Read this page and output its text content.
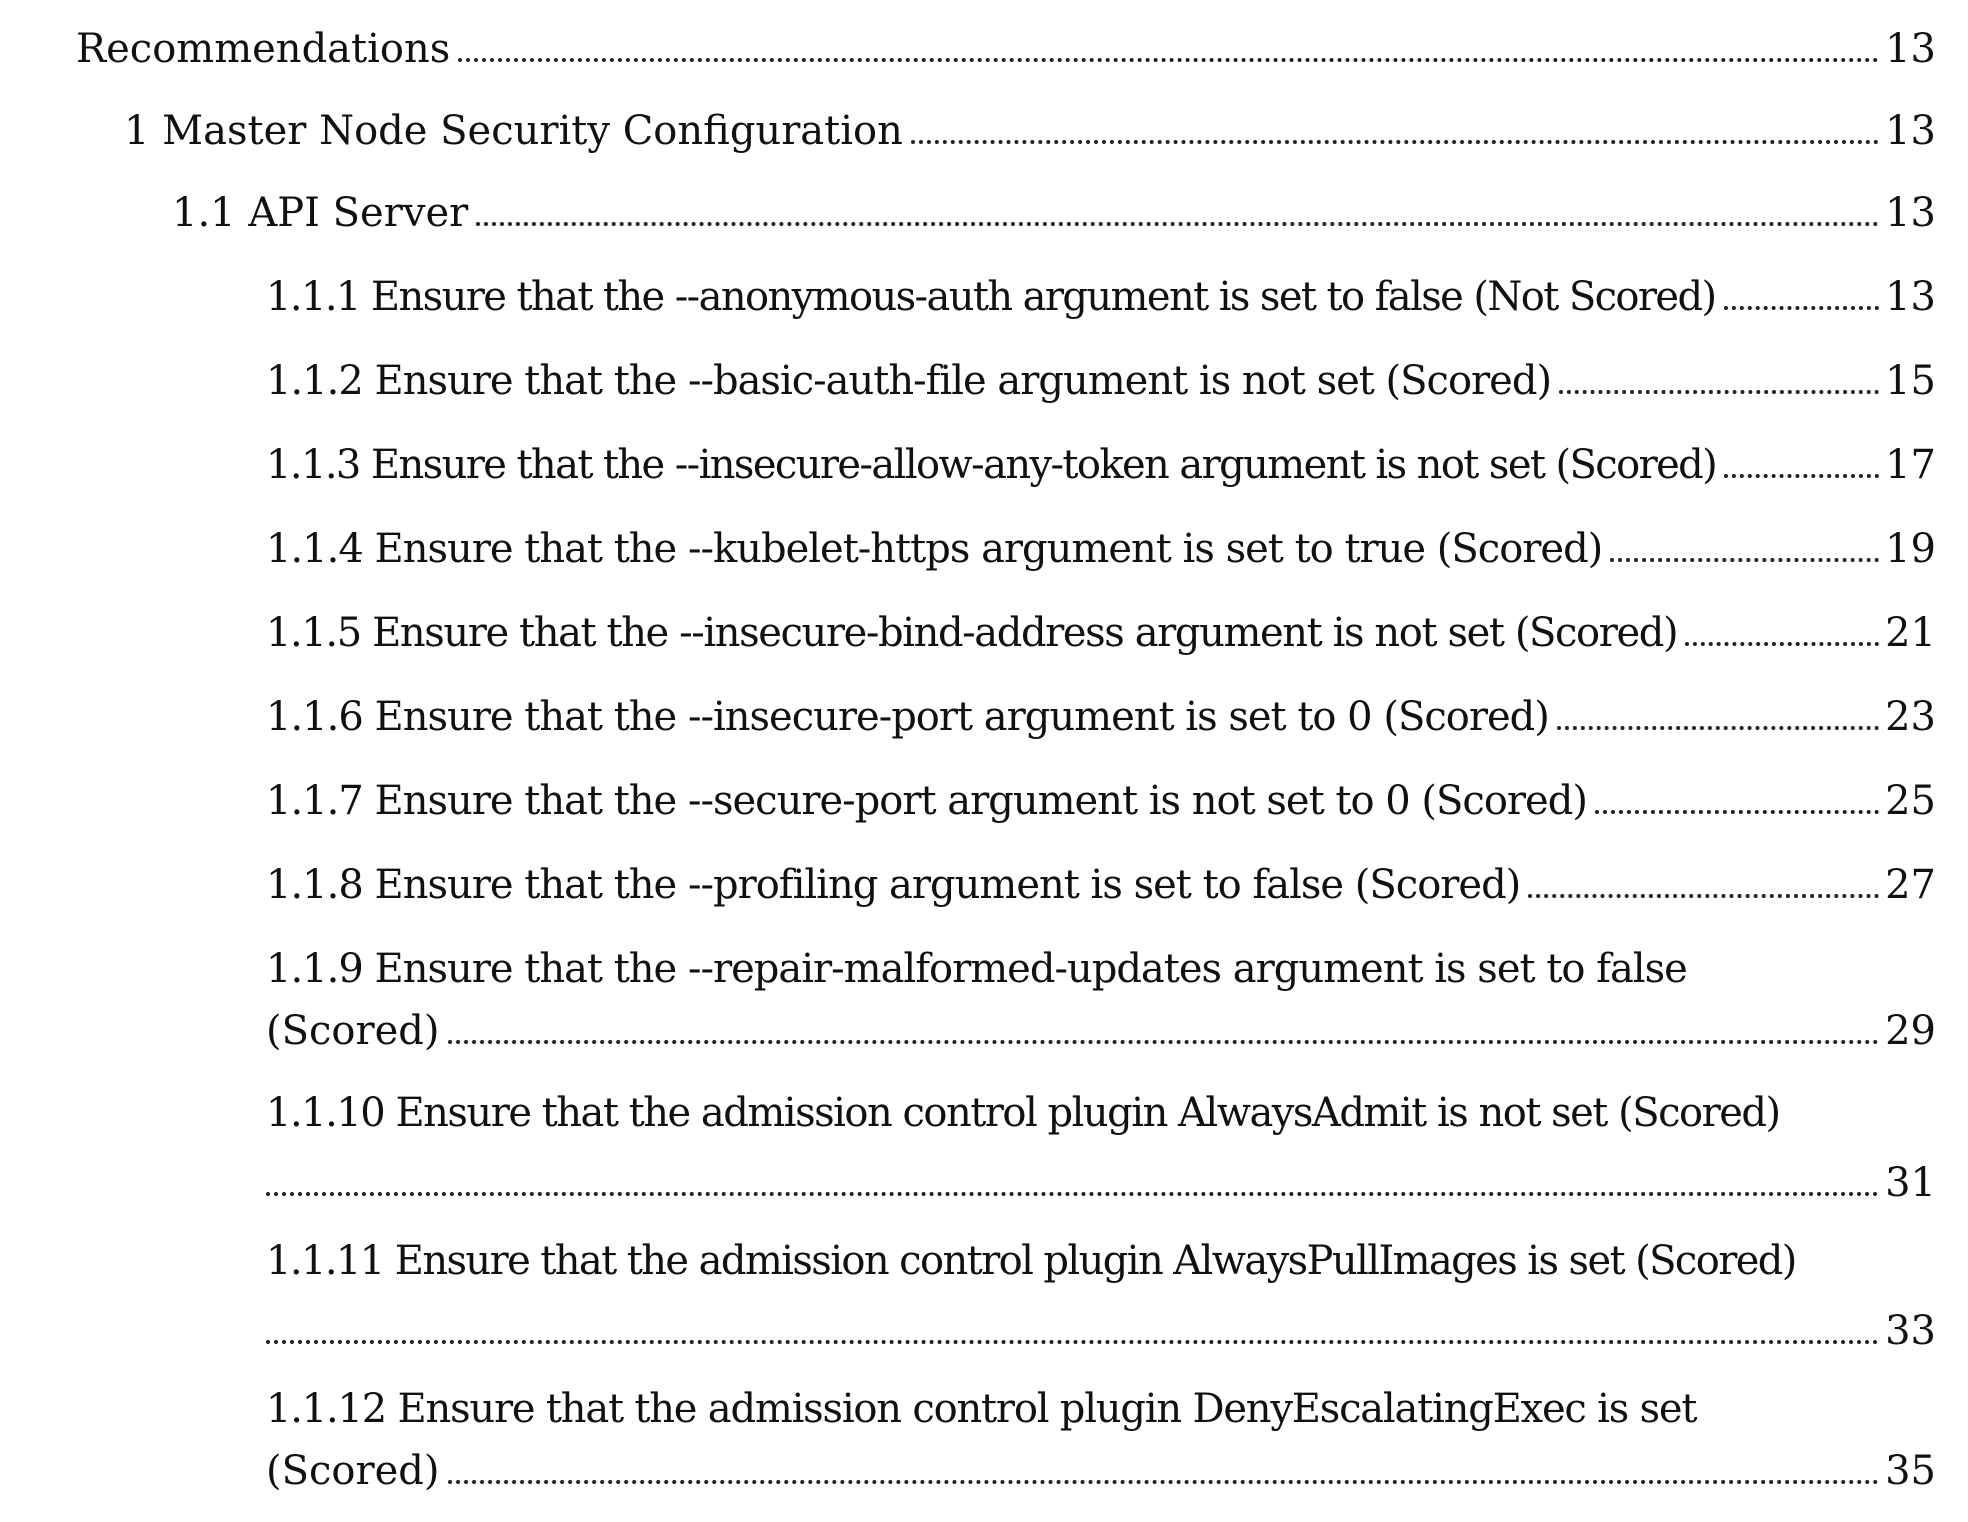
Recommendations	13
1 Master Node Security Configuration	13
1.1 API Server	13
1.1.1 Ensure that the --anonymous-auth argument is set to false (Not Scored)	13
1.1.2 Ensure that the --basic-auth-file argument is not set (Scored)	15
1.1.3 Ensure that the --insecure-allow-any-token argument is not set (Scored)	17
1.1.4 Ensure that the --kubelet-https argument is set to true (Scored)	19
1.1.5 Ensure that the --insecure-bind-address argument is not set (Scored)	21
1.1.6 Ensure that the --insecure-port argument is set to 0 (Scored)	23
1.1.7 Ensure that the --secure-port argument is not set to 0 (Scored)	25
1.1.8 Ensure that the --profiling argument is set to false (Scored)	27
1.1.9 Ensure that the --repair-malformed-updates argument is set to false
(Scored)	29
1.1.10 Ensure that the admission control plugin AlwaysAdmit is not set (Scored)
31
1.1.11 Ensure that the admission control plugin AlwaysPullImages is set (Scored)
33
1.1.12 Ensure that the admission control plugin DenyEscalatingExec is set
(Scored)	35
